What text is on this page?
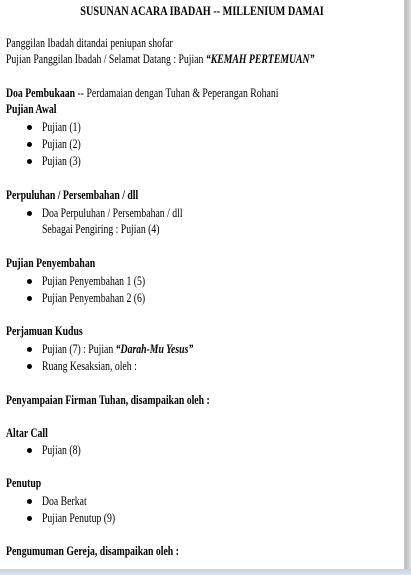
SUSUNAN ACARA IBADAH -- MILLENIUM DAMAI
Panggilan Ibadah ditandai peniupan shofar
Pujian Panggilan Ibadah / Selamat Datang : Pujian “KEMAH PERTEMUAN”
Doa Pembukaan -- Perdamaian dengan Tuhan & Peperangan Rohani
Pujian Awal
Pujian (1)
Pujian (2)
Pujian (3)
Perpuluhan / Persembahan / dll
Doa Perpuluhan / Persembahan / dll
Sebagai Pengiring : Pujian (4)
Pujian Penyembahan
Pujian Penyembahan 1 (5)
Pujian Penyembahan 2 (6)
Perjamuan Kudus
Pujian (7) : Pujian “Darah-Mu Yesus”
Ruang Kesaksian, oleh :
Penyampaian Firman Tuhan, disampaikan oleh :
Altar Call
Pujian (8)
Penutup
Doa Berkat
Pujian Penutup (9)
Pengumuman Gereja, disampaikan oleh :
